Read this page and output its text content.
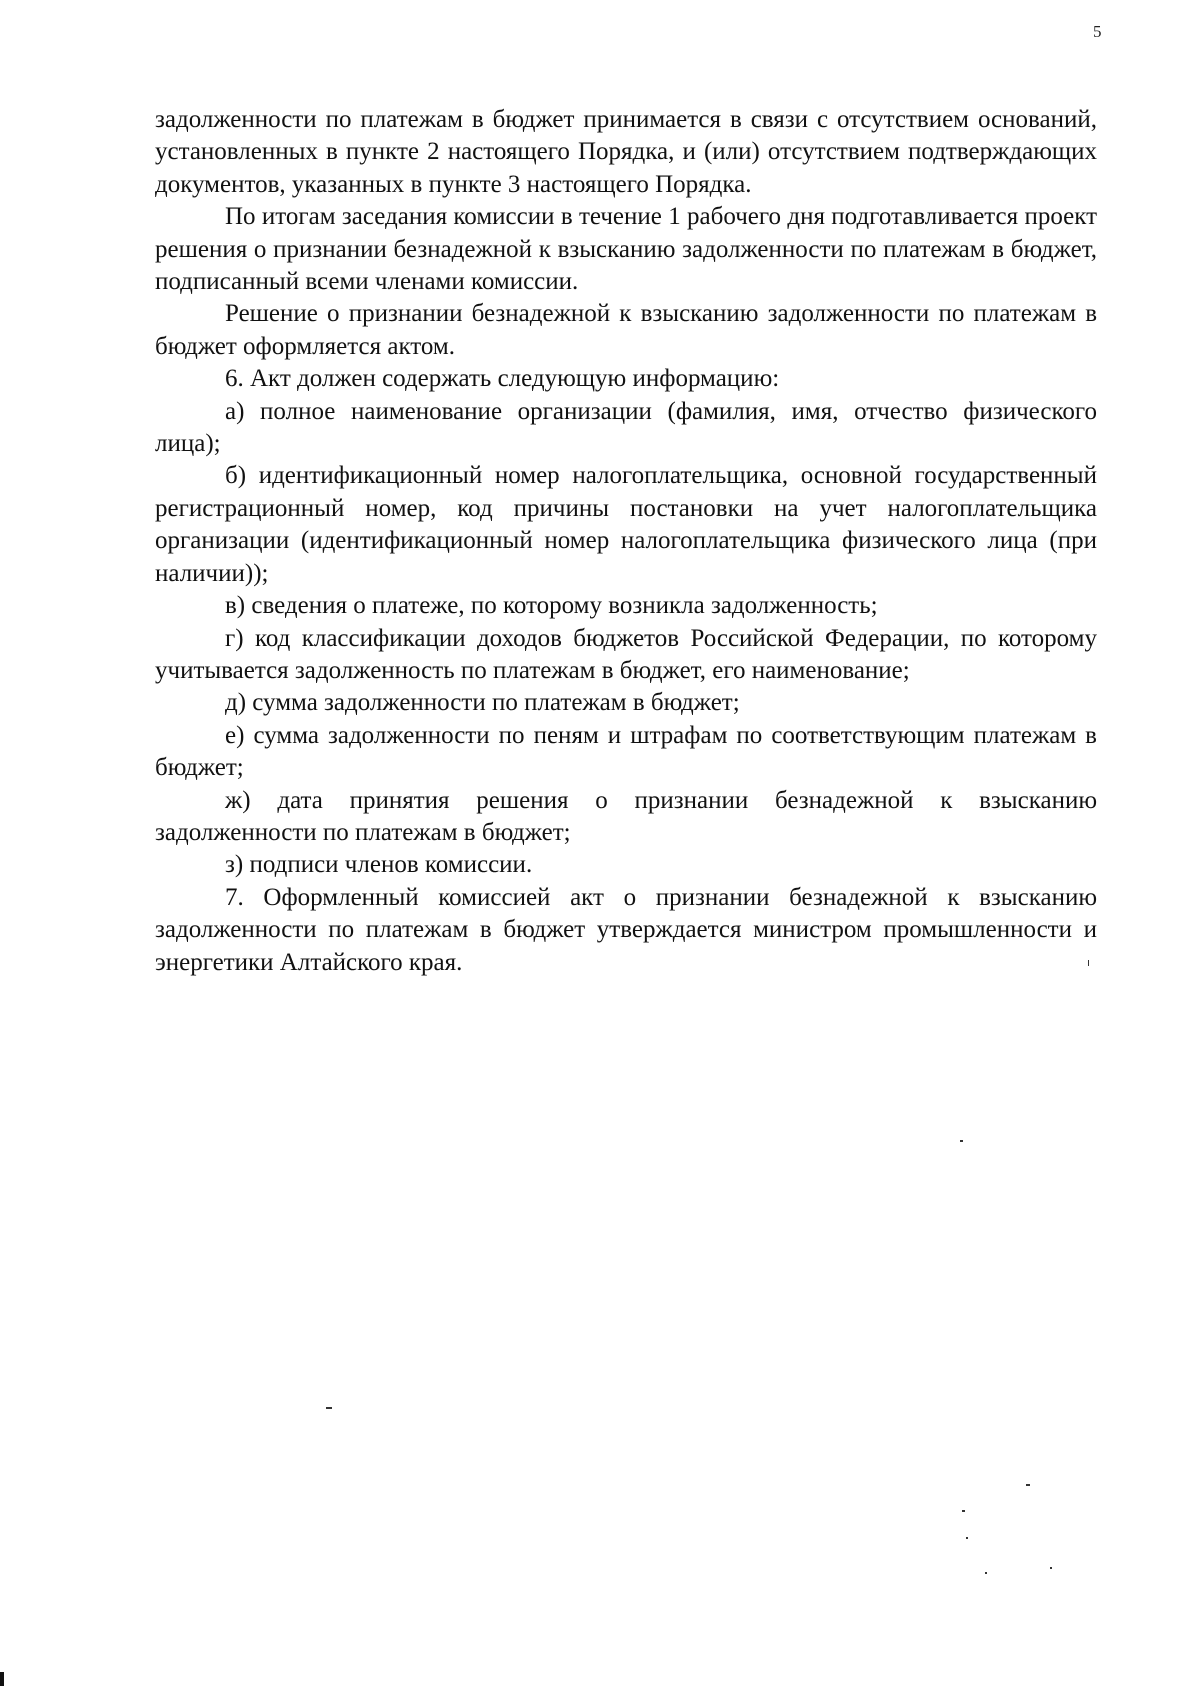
5

задолженности по платежам в бюджет принимается в связи с отсутствием оснований, установленных в пункте 2 настоящего Порядка, и (или) отсутствием подтверждающих документов, указанных в пункте 3 настоящего Порядка.

По итогам заседания комиссии в течение 1 рабочего дня подготавливается проект решения о признании безнадежной к взысканию задолженности по платежам в бюджет, подписанный всеми членами комиссии.

Решение о признании безнадежной к взысканию задолженности по платежам в бюджет оформляется актом.

6. Акт должен содержать следующую информацию:

а) полное наименование организации (фамилия, имя, отчество физического лица);

б) идентификационный номер налогоплательщика, основной государственный регистрационный номер, код причины постановки на учет налогоплательщика организации (идентификационный номер налогоплательщика физического лица (при наличии));

в) сведения о платеже, по которому возникла задолженность;

г) код классификации доходов бюджетов Российской Федерации, по которому учитывается задолженность по платежам в бюджет, его наименование;

д) сумма задолженности по платежам в бюджет;

е) сумма задолженности по пеням и штрафам по соответствующим платежам в бюджет;

ж) дата принятия решения о признании безнадежной к взысканию задолженности по платежам в бюджет;

з) подписи членов комиссии.

7. Оформленный комиссией акт о признании безнадежной к взысканию задолженности по платежам в бюджет утверждается министром промышленности и энергетики Алтайского края.
